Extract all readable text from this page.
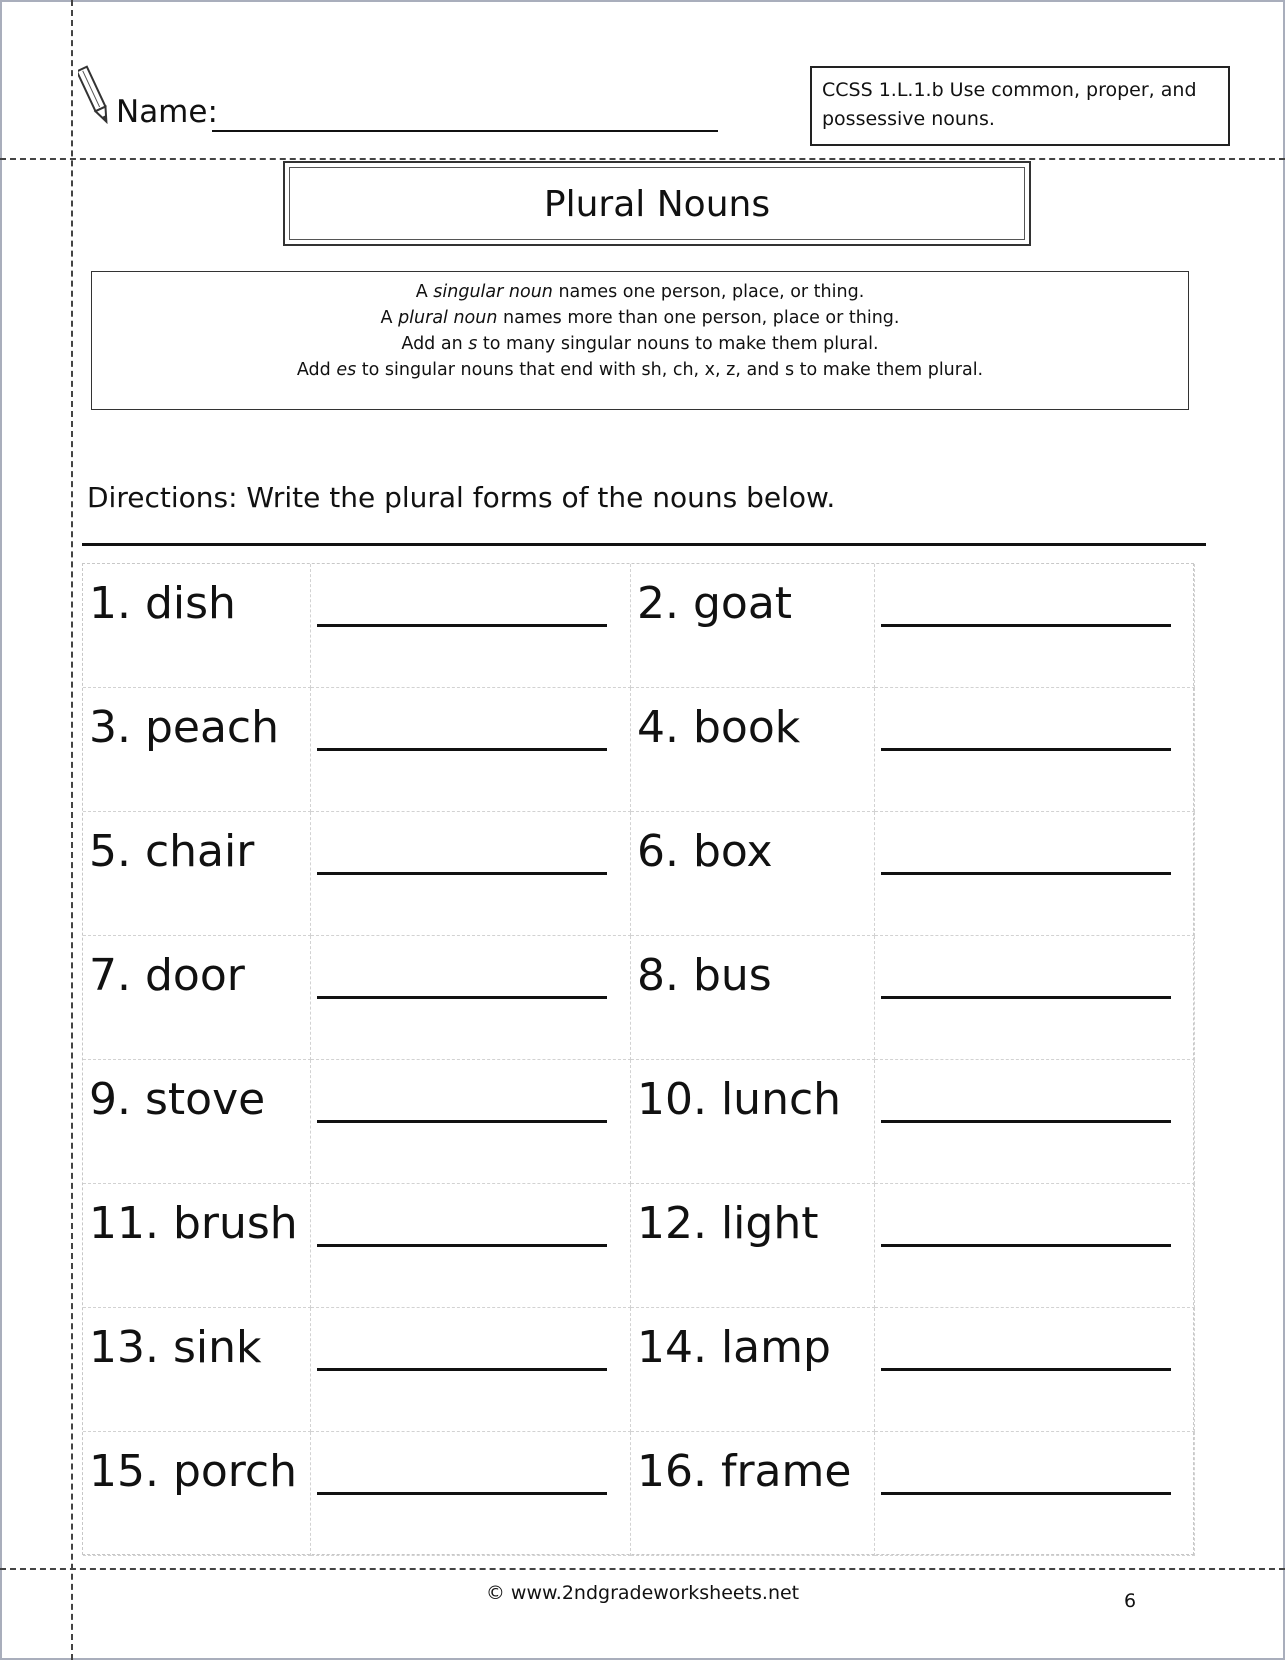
Name:
CCSS 1.L.1.b Use common, proper, and possessive nouns.
Plural Nouns
A singular noun names one person, place, or thing.
A plural noun names more than one person, place or thing.
Add an s to many singular nouns to make them plural.
Add es to singular nouns that end with sh, ch, x, z, and s to make them plural.
Directions: Write the plural forms of the nouns below.
1. dish	2. goat
3. peach	4. book
5. chair	6. box
7. door	8. bus
9. stove	10. lunch
11. brush	12. light
13. sink	14. lamp
15. porch	16. frame
© www.2ndgradeworksheets.net	6
